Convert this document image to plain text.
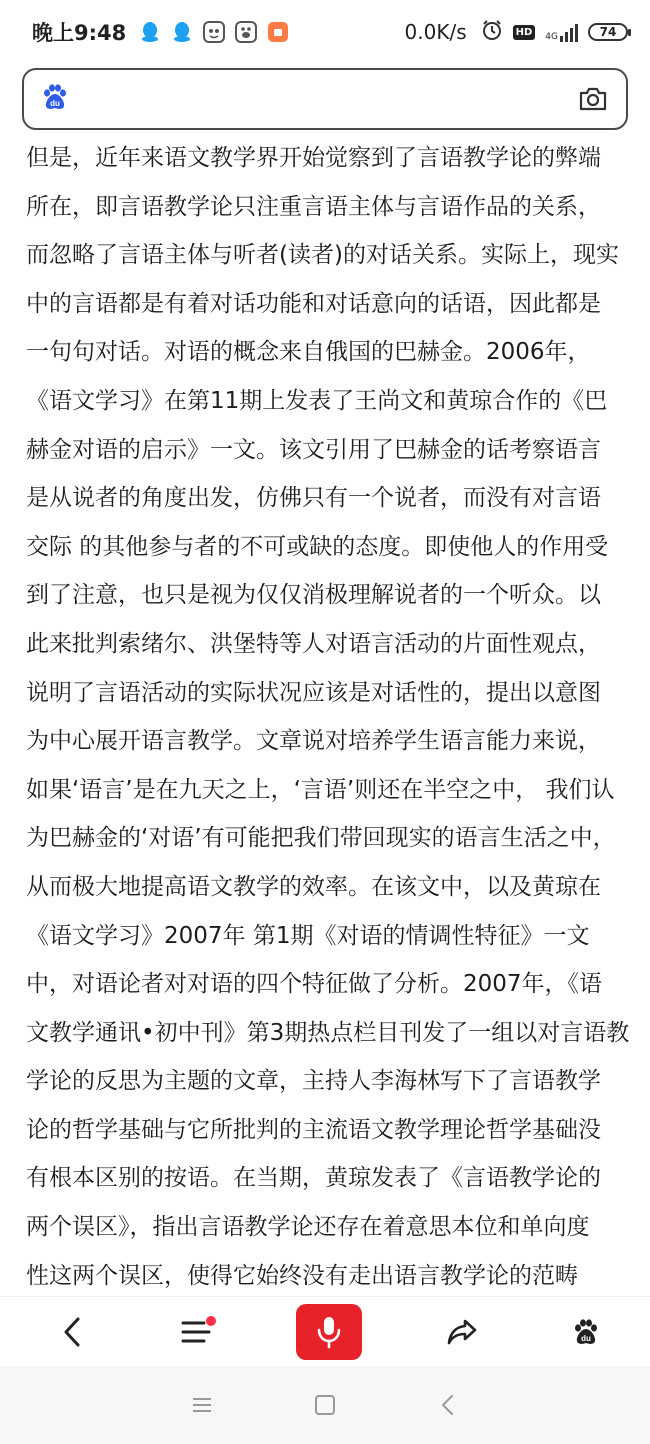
晚上9:48	0.0K/s	HD	4G	74
du
但是，近年来语文教学界开始觉察到了言语教学论的弊端
所在，即言语教学论只注重言语主体与言语作品的关系，
而忽略了言语主体与听者(读者)的对话关系。实际上，现实
中的言语都是有着对话功能和对话意向的话语，因此都是
一句句对话。对语的概念来自俄国的巴赫金。2006年，
《语文学习》在第11期上发表了王尚文和黄琼合作的《巴
赫金对语的启示》一文。该文引用了巴赫金的话考察语言
是从说者的角度出发，仿佛只有一个说者，而没有对言语
交际 的其他参与者的不可或缺的态度。即使他人的作用受
到了注意，也只是视为仅仅消极理解说者的一个听众。以
此来批判索绪尔、洪堡特等人对语言活动的片面性观点，
说明了言语活动的实际状况应该是对话性的，提出以意图
为中心展开语言教学。文章说对培养学生语言能力来说，
如果‘语言’是在九天之上，‘言语’则还在半空之中， 我们认
为巴赫金的‘对语’有可能把我们带回现实的语言生活之中，
从而极大地提高语文教学的效率。在该文中，以及黄琼在
《语文学习》2007年 第1期《对语的情调性特征》一文
中，对语论者对对语的四个特征做了分析。2007年，《语
文教学通讯•初中刊》第3期热点栏目刊发了一组以对言语教
学论的反思为主题的文章，主持人李海林写下了言语教学
论的哲学基础与它所批判的主流语文教学理论哲学基础没
有根本区别的按语。在当期，黄琼发表了《言语教学论的
两个误区》，指出言语教学论还存在着意思本位和单向度
性这两个误区，使得它始终没有走出语言教学论的范畴
du
